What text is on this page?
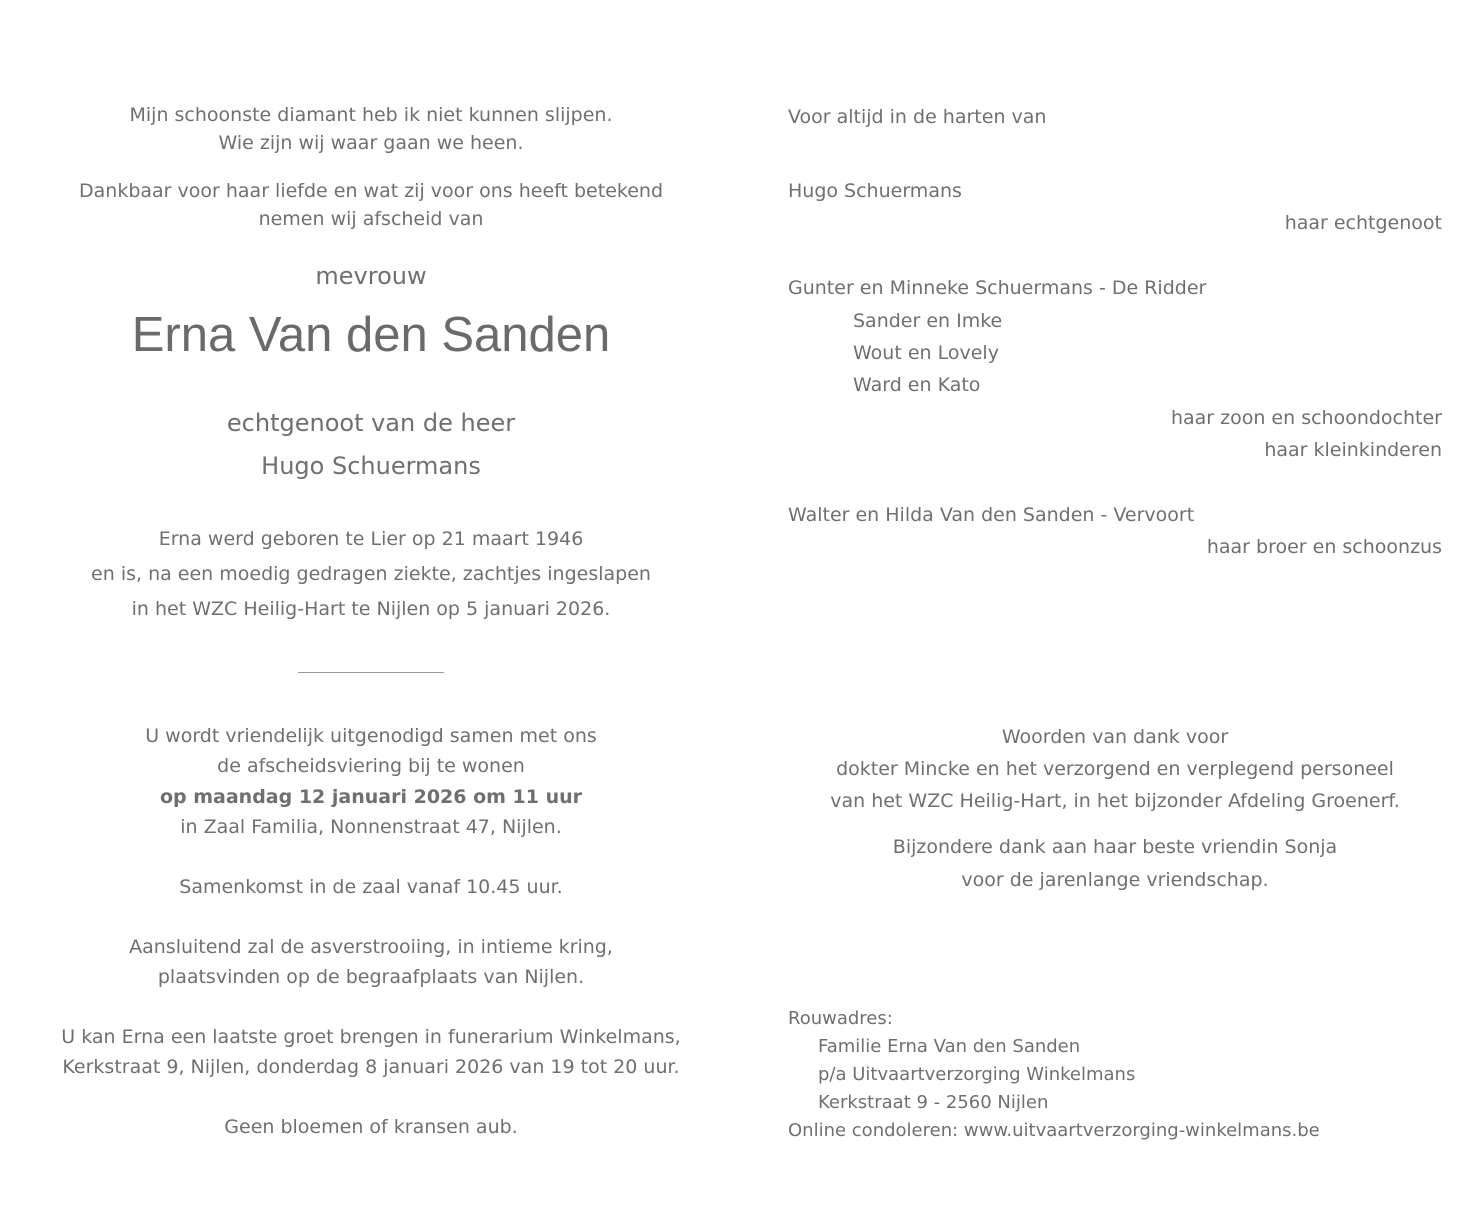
Mijn schoonste diamant heb ik niet kunnen slijpen.
Wie zijn wij waar gaan we heen.
Dankbaar voor haar liefde en wat zij voor ons heeft betekend
nemen wij afscheid van
mevrouw
Erna Van den Sanden
echtgenoot van de heer
Hugo Schuermans
Erna werd geboren te Lier op 21 maart 1946
en is, na een moedig gedragen ziekte, zachtjes ingeslapen
in het WZC Heilig-Hart te Nijlen op 5 januari 2026.
U wordt vriendelijk uitgenodigd samen met ons
de afscheidsviering bij te wonen
op maandag 12 januari 2026 om 11 uur
in Zaal Familia, Nonnenstraat 47, Nijlen.
Samenkomst in de zaal vanaf 10.45 uur.
Aansluitend zal de asverstrooiing, in intieme kring,
plaatsvinden op de begraafplaats van Nijlen.
U kan Erna een laatste groet brengen in funerarium Winkelmans,
Kerkstraat 9, Nijlen, donderdag 8 januari 2026 van 19 tot 20 uur.
Geen bloemen of kransen aub.
Voor altijd in de harten van
Hugo Schuermans
haar echtgenoot
Gunter en Minneke Schuermans - De Ridder
Sander en Imke
Wout en Lovely
Ward en Kato
haar zoon en schoondochter
haar kleinkinderen
Walter en Hilda Van den Sanden - Vervoort
haar broer en schoonzus
Woorden van dank voor
dokter Mincke en het verzorgend en verplegend personeel
van het WZC Heilig-Hart, in het bijzonder Afdeling Groenerf.
Bijzondere dank aan haar beste vriendin Sonja
voor de jarenlange vriendschap.
Rouwadres:
Familie Erna Van den Sanden
p/a Uitvaartverzorging Winkelmans
Kerkstraat 9 - 2560 Nijlen
Online condoleren: www.uitvaartverzorging-winkelmans.be
